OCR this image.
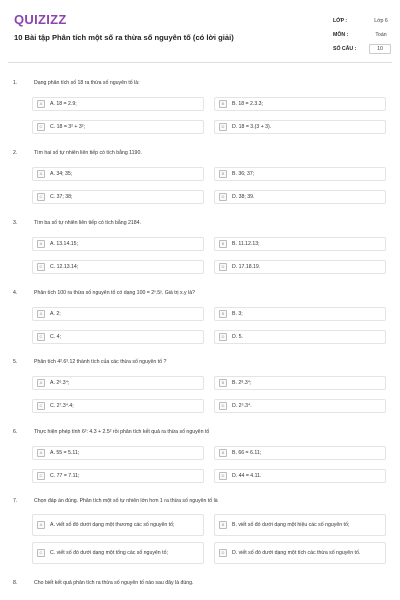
QUIZIZZ
10 Bài tập Phân tích một số ra thừa số nguyên tố (có lời giải)
LỚP :	Lớp 6
MÔN :	Toán
SỐ CÂU :	10
1.	Dạng phân tích số 18 ra thừa số nguyên tố là:
A	A. 18 = 2.9;	B	B. 18 = 2.3.3;
C	C. 18 = 3² + 3²;	D	D. 18 = 3.(3 + 3).
2.	Tìm hai số tự nhiên liên tiếp có tích bằng 1190.
A	A. 34; 35;	B	B. 36; 37;
C	C. 37; 38;	D	D. 38; 39.
3.	Tìm ba số tự nhiên liên tiếp có tích bằng 2184.
A	A. 13.14.15;	B	B. 11.12.13;
C	C. 12.13.14;	D	D. 17.18.19.
4.	Phân tích 100 ra thừa số nguyên tố có dạng 100 = 2ˣ.5ʸ. Giá trị x.y là?
A	A. 2;	B	B. 3;
C	C. 4;	D	D. 5.
5.	Phân tích 4².6³.12 thành tích của các thừa số nguyên tố ?
A	A. 2⁶.3⁴;	B	B. 2⁸.3⁴;
C	C. 2⁷.3⁴.4;	D	D. 2⁵.3⁴.
6.	Thực hiện phép tính 6²: 4.3 + 2.5² rồi phân tích kết quả ra thừa số nguyên tố
A	A. 55 = 5.11;	B	B. 66 = 6.11;
C	C. 77 = 7.11;	D	D. 44 = 4.11.
7.	Chọn đáp án đúng. Phân tích một số tự nhiên lớn hơn 1 ra thừa số nguyên tố là
A	A. viết số đó dưới dạng một thương các số nguyên tố;	B	B. viết số đó dưới dạng một hiệu các số nguyên tố;
C	C. viết số đó dưới dạng một tổng các số nguyên tố;	D	D. viết số đó dưới dạng một tích các thừa số nguyên tố.
8.	Cho biết kết quả phân tích ra thừa số nguyên tố nào sau đây là đúng.
